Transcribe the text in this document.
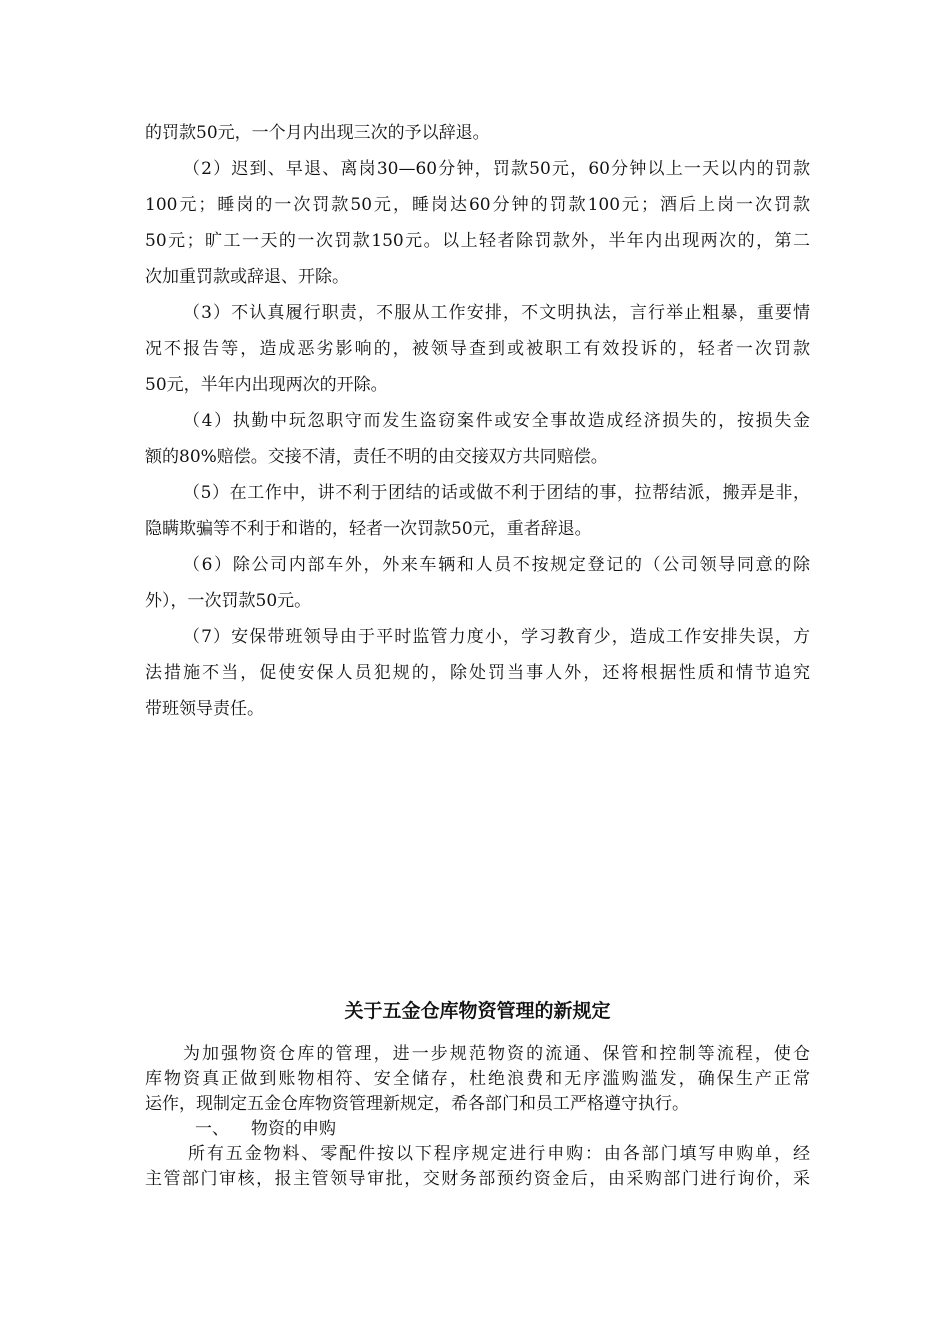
的罚款50元，一个月内出现三次的予以辞退。
（2）迟到、早退、离岗30—60分钟，罚款50元，60分钟以上一天以内的罚款
100元；睡岗的一次罚款50元，睡岗达60分钟的罚款100元；酒后上岗一次罚款
50元；旷工一天的一次罚款150元。以上轻者除罚款外，半年内出现两次的，第二
次加重罚款或辞退、开除。
（3）不认真履行职责，不服从工作安排，不文明执法，言行举止粗暴，重要情
况不报告等，造成恶劣影响的，被领导查到或被职工有效投诉的，轻者一次罚款
50元，半年内出现两次的开除。
（4）执勤中玩忽职守而发生盗窃案件或安全事故造成经济损失的，按损失金
额的80%赔偿。交接不清，责任不明的由交接双方共同赔偿。
（5）在工作中，讲不利于团结的话或做不利于团结的事，拉帮结派，搬弄是非，
隐瞒欺骗等不利于和谐的，轻者一次罚款50元，重者辞退。
（6）除公司内部车外，外来车辆和人员不按规定登记的（公司领导同意的除
外），一次罚款50元。
（7）安保带班领导由于平时监管力度小，学习教育少，造成工作安排失误，方
法措施不当，促使安保人员犯规的，除处罚当事人外，还将根据性质和情节追究
带班领导责任。
关于五金仓库物资管理的新规定
为加强物资仓库的管理，进一步规范物资的流通、保管和控制等流程，使仓
库物资真正做到账物相符、安全储存，杜绝浪费和无序滥购滥发，确保生产正常
运作，现制定五金仓库物资管理新规定，希各部门和员工严格遵守执行。
一、 物资的申购
所有五金物料、零配件按以下程序规定进行申购：由各部门填写申购单，经
主管部门审核，报主管领导审批，交财务部预约资金后，由采购部门进行询价，采
